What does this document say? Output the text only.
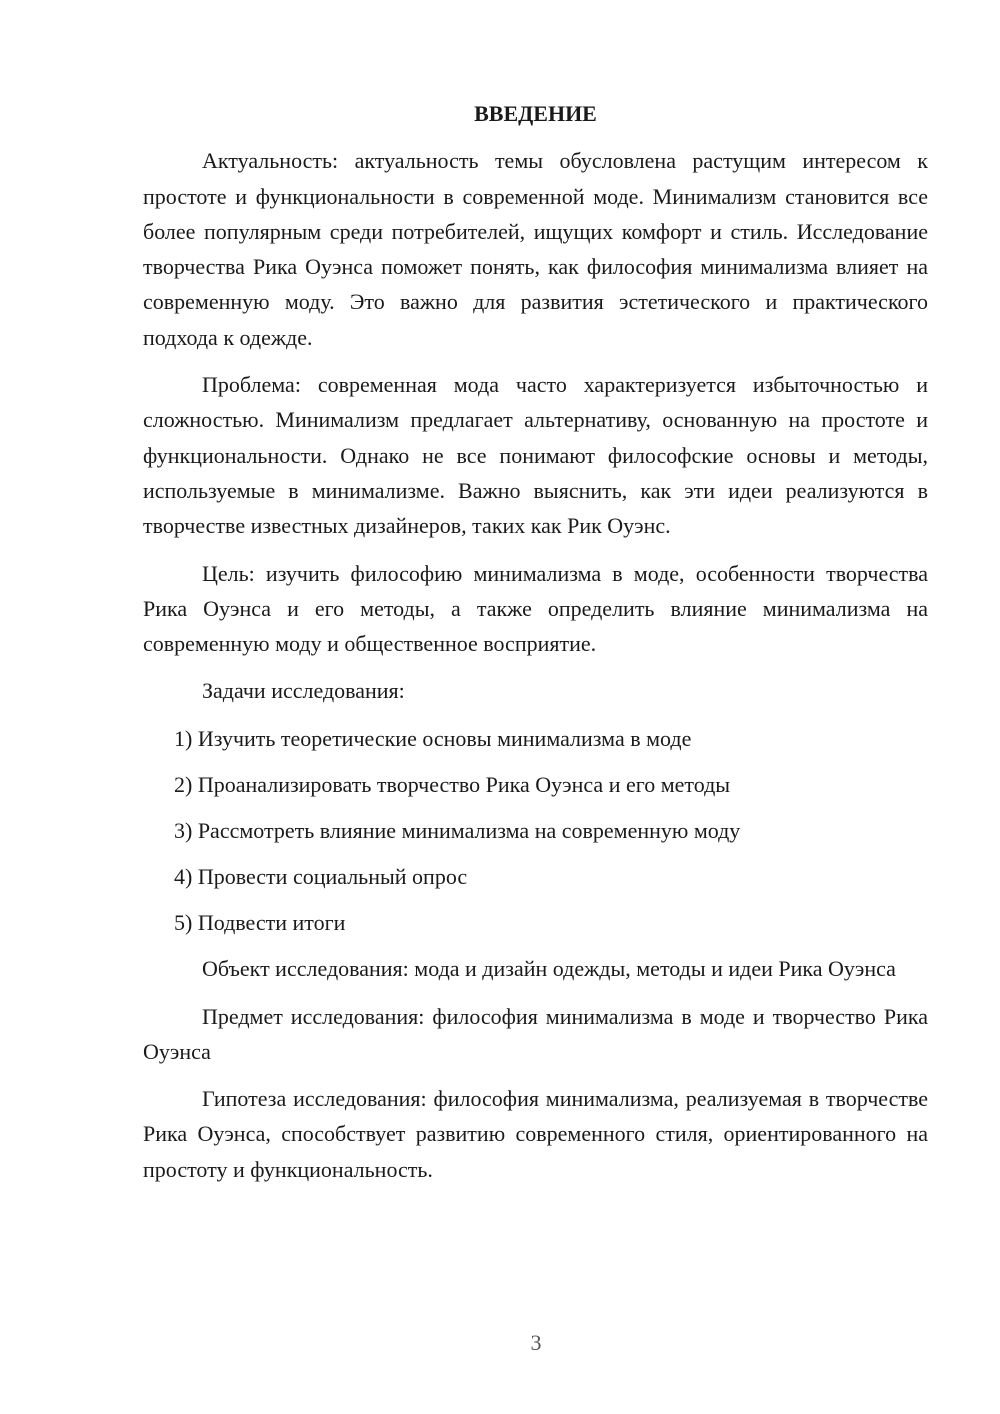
ВВЕДЕНИЕ

Актуальность: актуальность темы обусловлена растущим интересом к простоте и функциональности в современной моде. Минимализм становится все более популярным среди потребителей, ищущих комфорт и стиль. Исследование творчества Рика Оуэнса поможет понять, как философия минимализма влияет на современную моду. Это важно для развития эстетического и практического подхода к одежде.

Проблема: современная мода часто характеризуется избыточностью и сложностью. Минимализм предлагает альтернативу, основанную на простоте и функциональности. Однако не все понимают философские основы и методы, используемые в минимализме. Важно выяснить, как эти идеи реализуются в творчестве известных дизайнеров, таких как Рик Оуэнс.

Цель: изучить философию минимализма в моде, особенности творчества Рика Оуэнса и его методы, а также определить влияние минимализма на современную моду и общественное восприятие.

Задачи исследования:

1) Изучить теоретические основы минимализма в моде
2) Проанализировать творчество Рика Оуэнса и его методы
3) Рассмотреть влияние минимализма на современную моду
4) Провести социальный опрос
5) Подвести итоги

Объект исследования: мода и дизайн одежды, методы и идеи Рика Оуэнса

Предмет исследования: философия минимализма в моде и творчество Рика Оуэнса

Гипотеза исследования: философия минимализма, реализуемая в творчестве Рика Оуэнса, способствует развитию современного стиля, ориентированного на простоту и функциональность.

3
